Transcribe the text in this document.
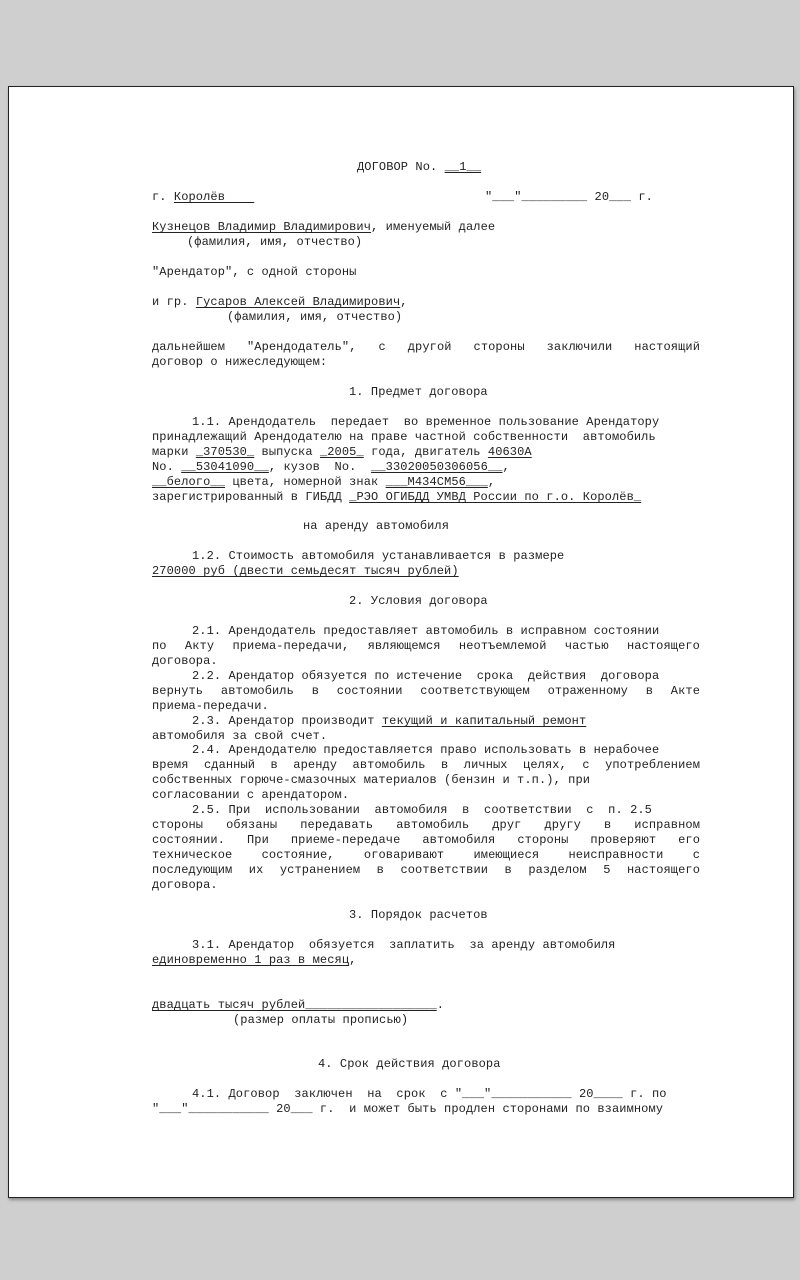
ДОГОВОР No. __1__
г. Королёв	"___"_________ 20___ г.
Кузнецов Владимир Владимирович, именуемый далее
(фамилия, имя, отчество)
"Арендатор", с одной стороны
и гр. Гусаров Алексей Владимирович,
(фамилия, имя, отчество)
дальнейшем "Арендодатель", с другой стороны заключили настоящий
договор о нижеследующем:
1. Предмет договора
1.1. Арендодатель  передает  во временное пользование Арендатору
принадлежащий Арендодателю на праве частной собственности  автомобиль
марки _370530_ выпуска _2005_ года, двигатель 40630А
No. __53041090__, кузов  No.  __33020050306056__,
__белого__ цвета, номерной знак ___М434СМ56___,
зарегистрированный в ГИБДД _РЭО ОГИБДД УМВД России по г.о. Королёв_
на аренду автомобиля
1.2. Стоимость автомобиля устанавливается в размере
270000 руб (двести семьдесят тысяч рублей)
2. Условия договора
2.1. Арендодатель предоставляет автомобиль в исправном состоянии
по Акту приема-передачи, являющемся неотъемлемой частью настоящего
договора.
2.2. Арендатор обязуется по истечение  срока  действия  договора
вернуть автомобиль в состоянии соответствующем отраженному в Акте
приема-передачи.
2.3. Арендатор производит текущий и капитальный ремонт
автомобиля за свой счет.
2.4. Арендодателю предоставляется право использовать в нерабочее
время сданный в аренду автомобиль в личных целях, с употреблением
собственных горюче-смазочных материалов (бензин и т.п.), при
согласовании с арендатором.
2.5. При  использовании  автомобиля  в  соответствии  с  п. 2.5
стороны обязаны передавать автомобиль друг другу в исправном
состоянии. При приеме-передаче автомобиля стороны проверяют его
техническое состояние, оговаривают имеющиеся неисправности с
последующим их устранением в соответствии в разделом 5 настоящего
договора.
3. Порядок расчетов
3.1. Арендатор  обязуется  заплатить  за аренду автомобиля
единовременно 1 раз в месяц,
двадцать тысяч рублей__________________.
(размер оплаты прописью)
4. Срок действия договора
4.1. Договор  заключен  на  срок  с "___"___________ 20____ г. по
"___"___________ 20___ г.  и может быть продлен сторонами по взаимному
